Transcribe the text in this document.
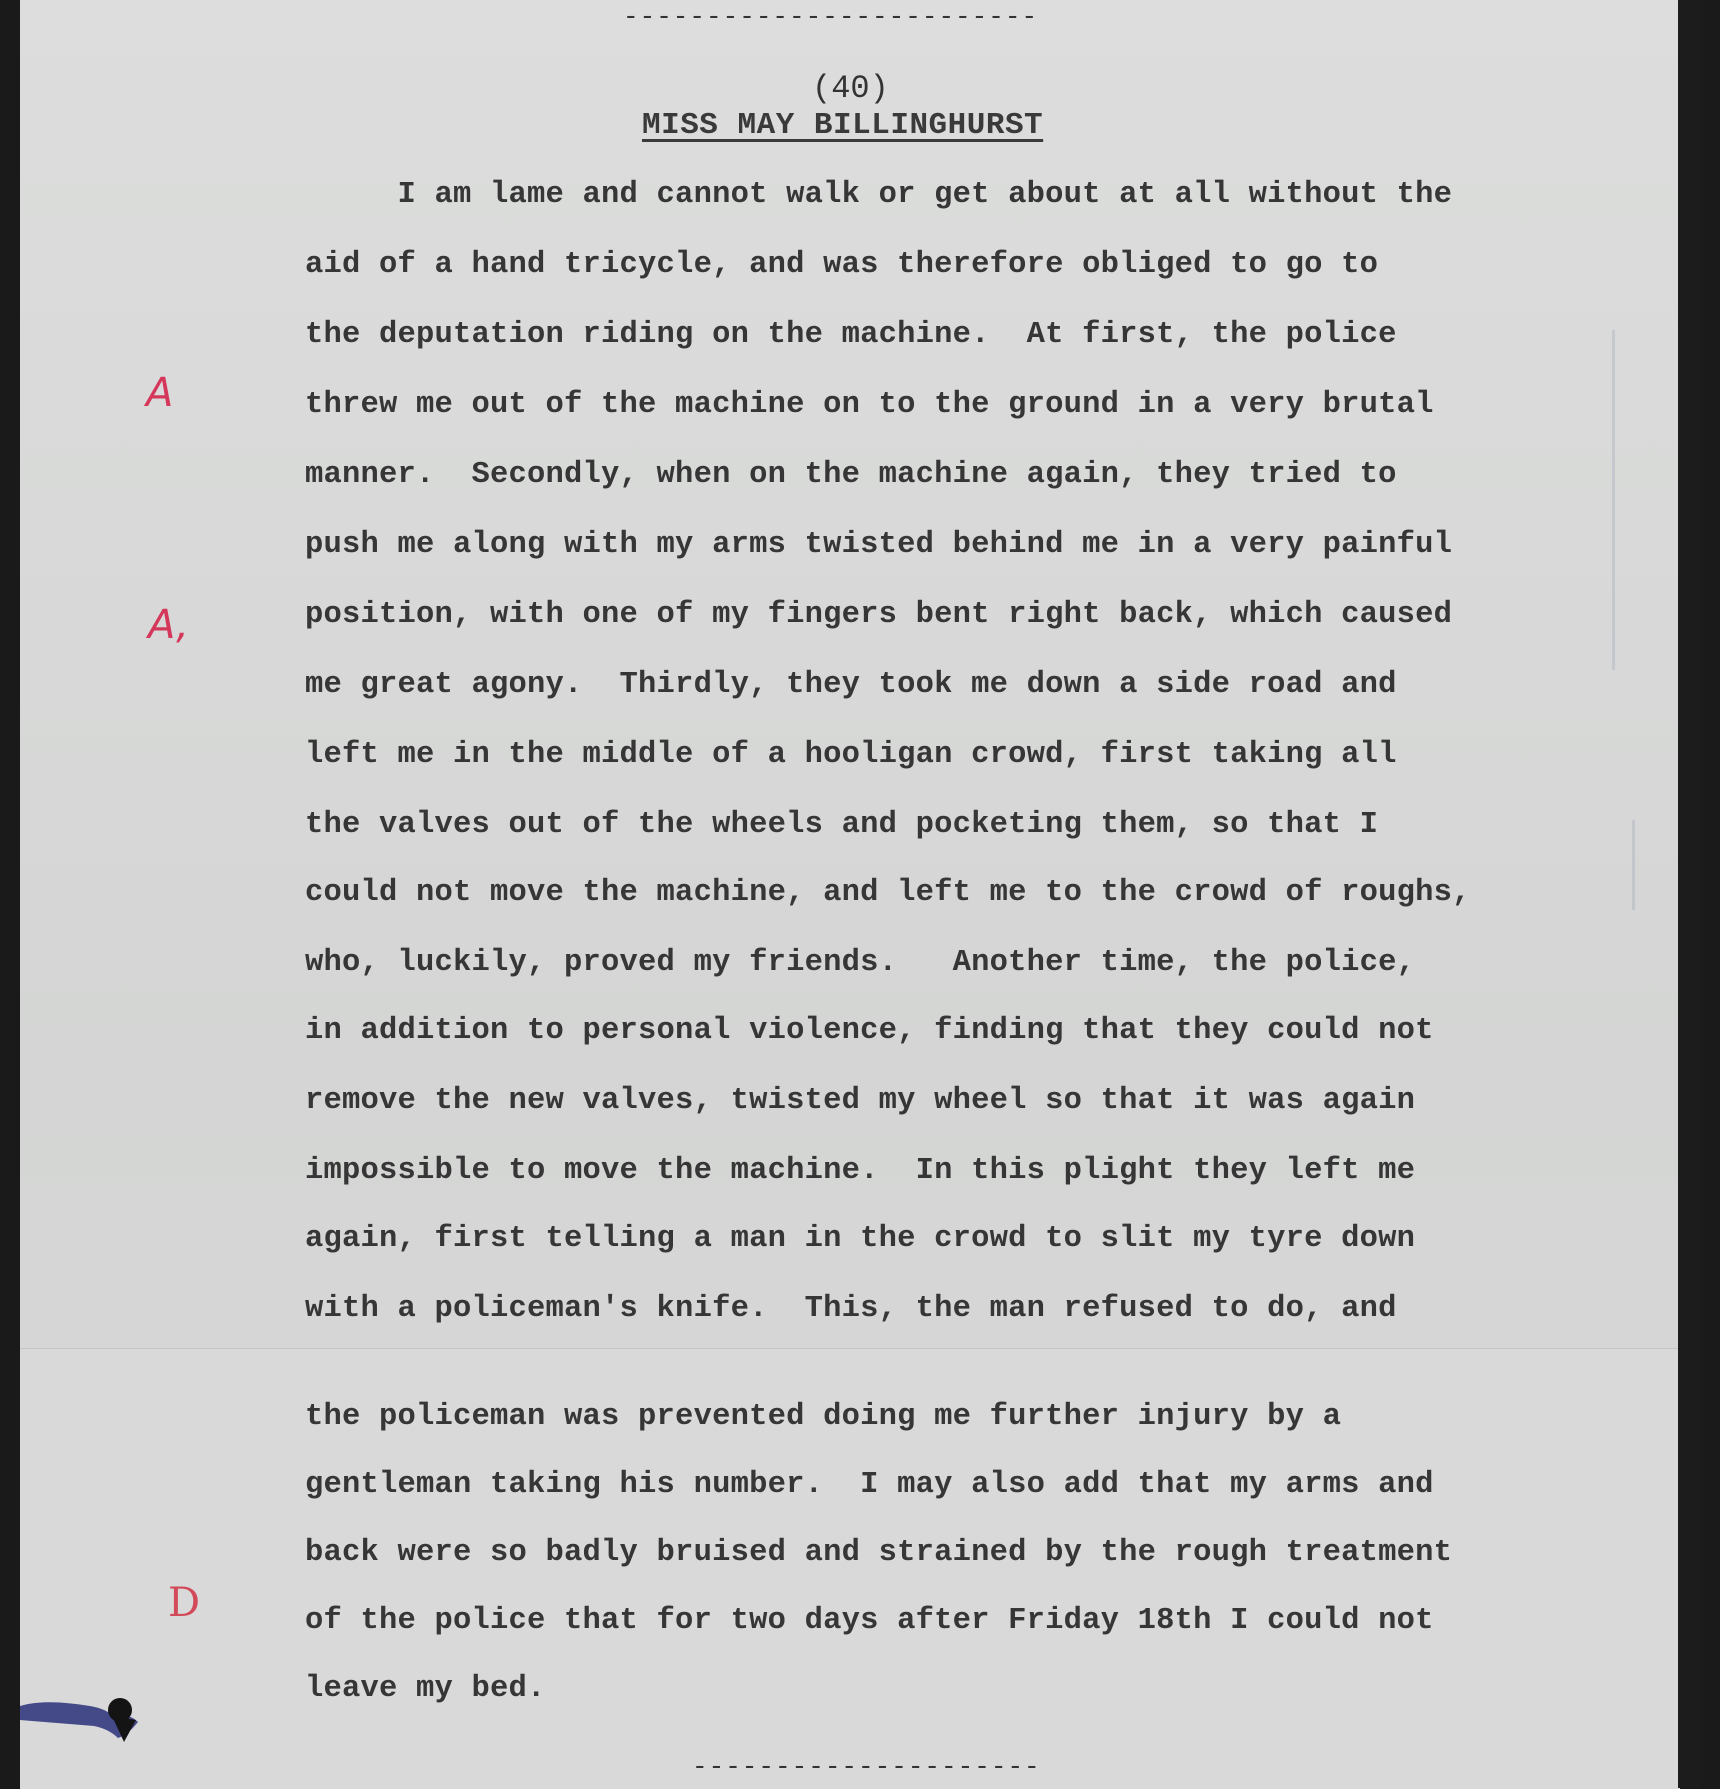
-------------------------
(40)
MISS MAY BILLINGHURST
A
A,
D
I am lame and cannot walk or get about at all without the
aid of a hand tricycle, and was therefore obliged to go to
the deputation riding on the machine.  At first, the police
threw me out of the machine on to the ground in a very brutal
manner.  Secondly, when on the machine again, they tried to
push me along with my arms twisted behind me in a very painful
position, with one of my fingers bent right back, which caused
me great agony.  Thirdly, they took me down a side road and
left me in the middle of a hooligan crowd, first taking all
the valves out of the wheels and pocketing them, so that I
could not move the machine, and left me to the crowd of roughs,
who, luckily, proved my friends.   Another time, the police,
in addition to personal violence, finding that they could not
remove the new valves, twisted my wheel so that it was again
impossible to move the machine.  In this plight they left me
again, first telling a man in the crowd to slit my tyre down
with a policeman's knife.  This, the man refused to do, and
the policeman was prevented doing me further injury by a
gentleman taking his number.  I may also add that my arms and
back were so badly bruised and strained by the rough treatment
of the police that for two days after Friday 18th I could not
leave my bed.
---------------------
